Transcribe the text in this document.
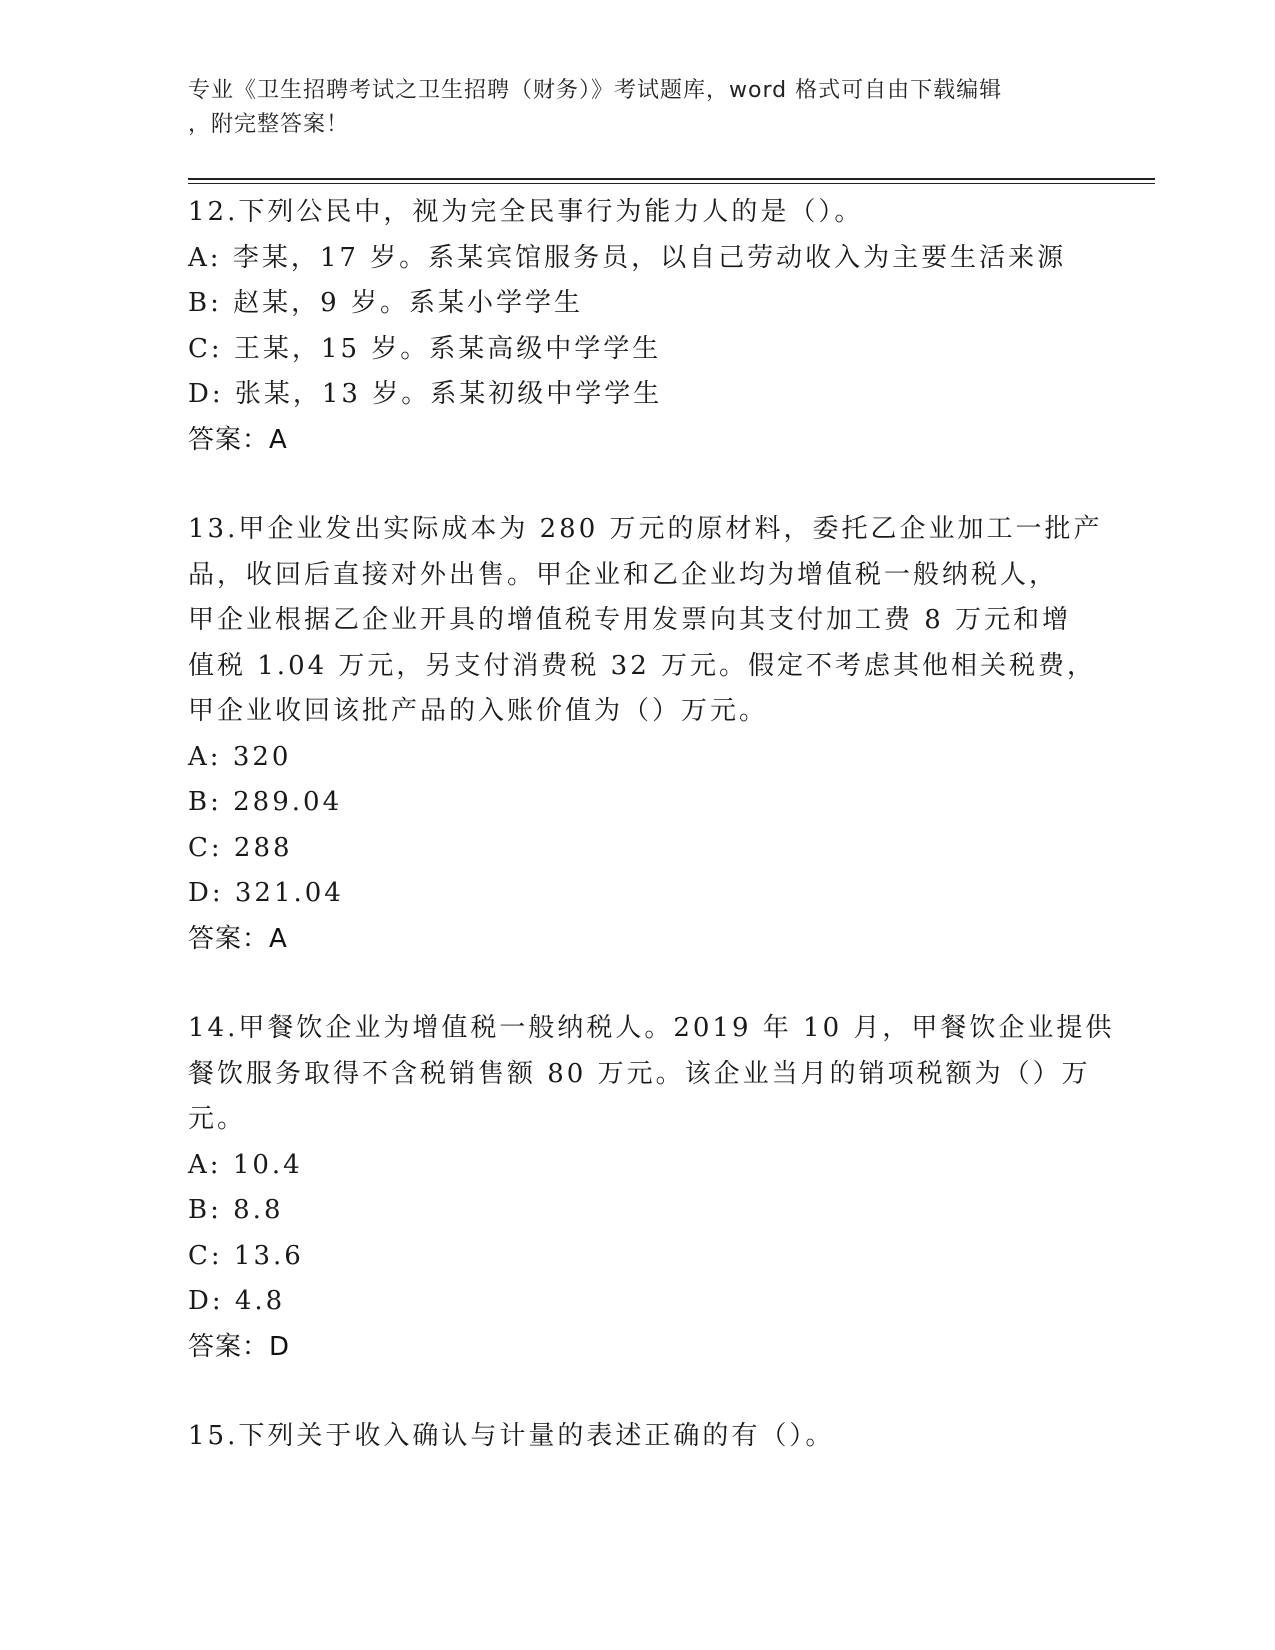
专业《卫生招聘考试之卫生招聘（财务）》考试题库，word 格式可自由下载编辑
，附完整答案！
12.下列公民中，视为完全民事行为能力人的是（）。
A: 李某，17 岁。系某宾馆服务员，以自己劳动收入为主要生活来源
B: 赵某，9 岁。系某小学学生
C: 王某，15 岁。系某高级中学学生
D: 张某，13 岁。系某初级中学学生
答案：A
13.甲企业发出实际成本为 280 万元的原材料，委托乙企业加工一批产
品，收回后直接对外出售。甲企业和乙企业均为增值税一般纳税人，
甲企业根据乙企业开具的增值税专用发票向其支付加工费 8 万元和增
值税 1.04 万元，另支付消费税 32 万元。假定不考虑其他相关税费，
甲企业收回该批产品的入账价值为（）万元。
A: 320
B: 289.04
C: 288
D: 321.04
答案：A
14.甲餐饮企业为增值税一般纳税人。2019 年 10 月，甲餐饮企业提供
餐饮服务取得不含税销售额 80 万元。该企业当月的销项税额为（）万
元。
A: 10.4
B: 8.8
C: 13.6
D: 4.8
答案：D
15.下列关于收入确认与计量的表述正确的有（）。
